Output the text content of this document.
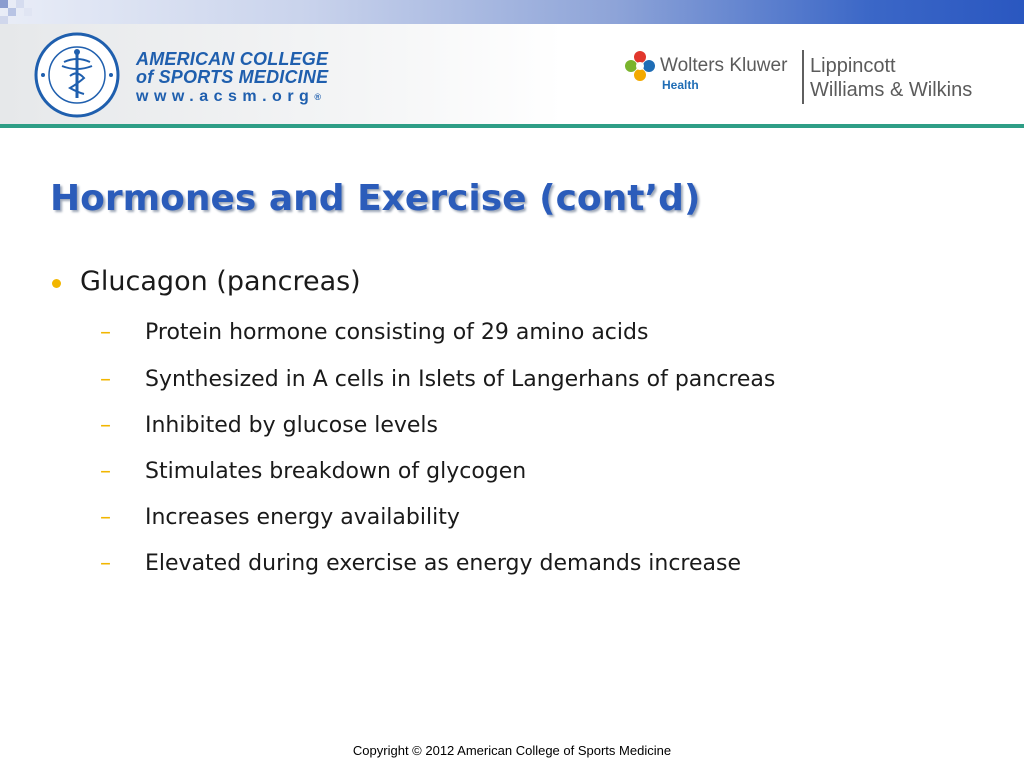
AMERICAN COLLEGE
of SPORTS MEDICINE
www.acsm.org®
Wolters Kluwer
Health
Lippincott
Williams & Wilkins
Hormones and Exercise (cont’d)
Glucagon (pancreas)
– Protein hormone consisting of 29 amino acids
– Synthesized in A cells in Islets of Langerhans of pancreas
– Inhibited by glucose levels
– Stimulates breakdown of glycogen
– Increases energy availability
– Elevated during exercise as energy demands increase
Copyright © 2012 American College of Sports Medicine
